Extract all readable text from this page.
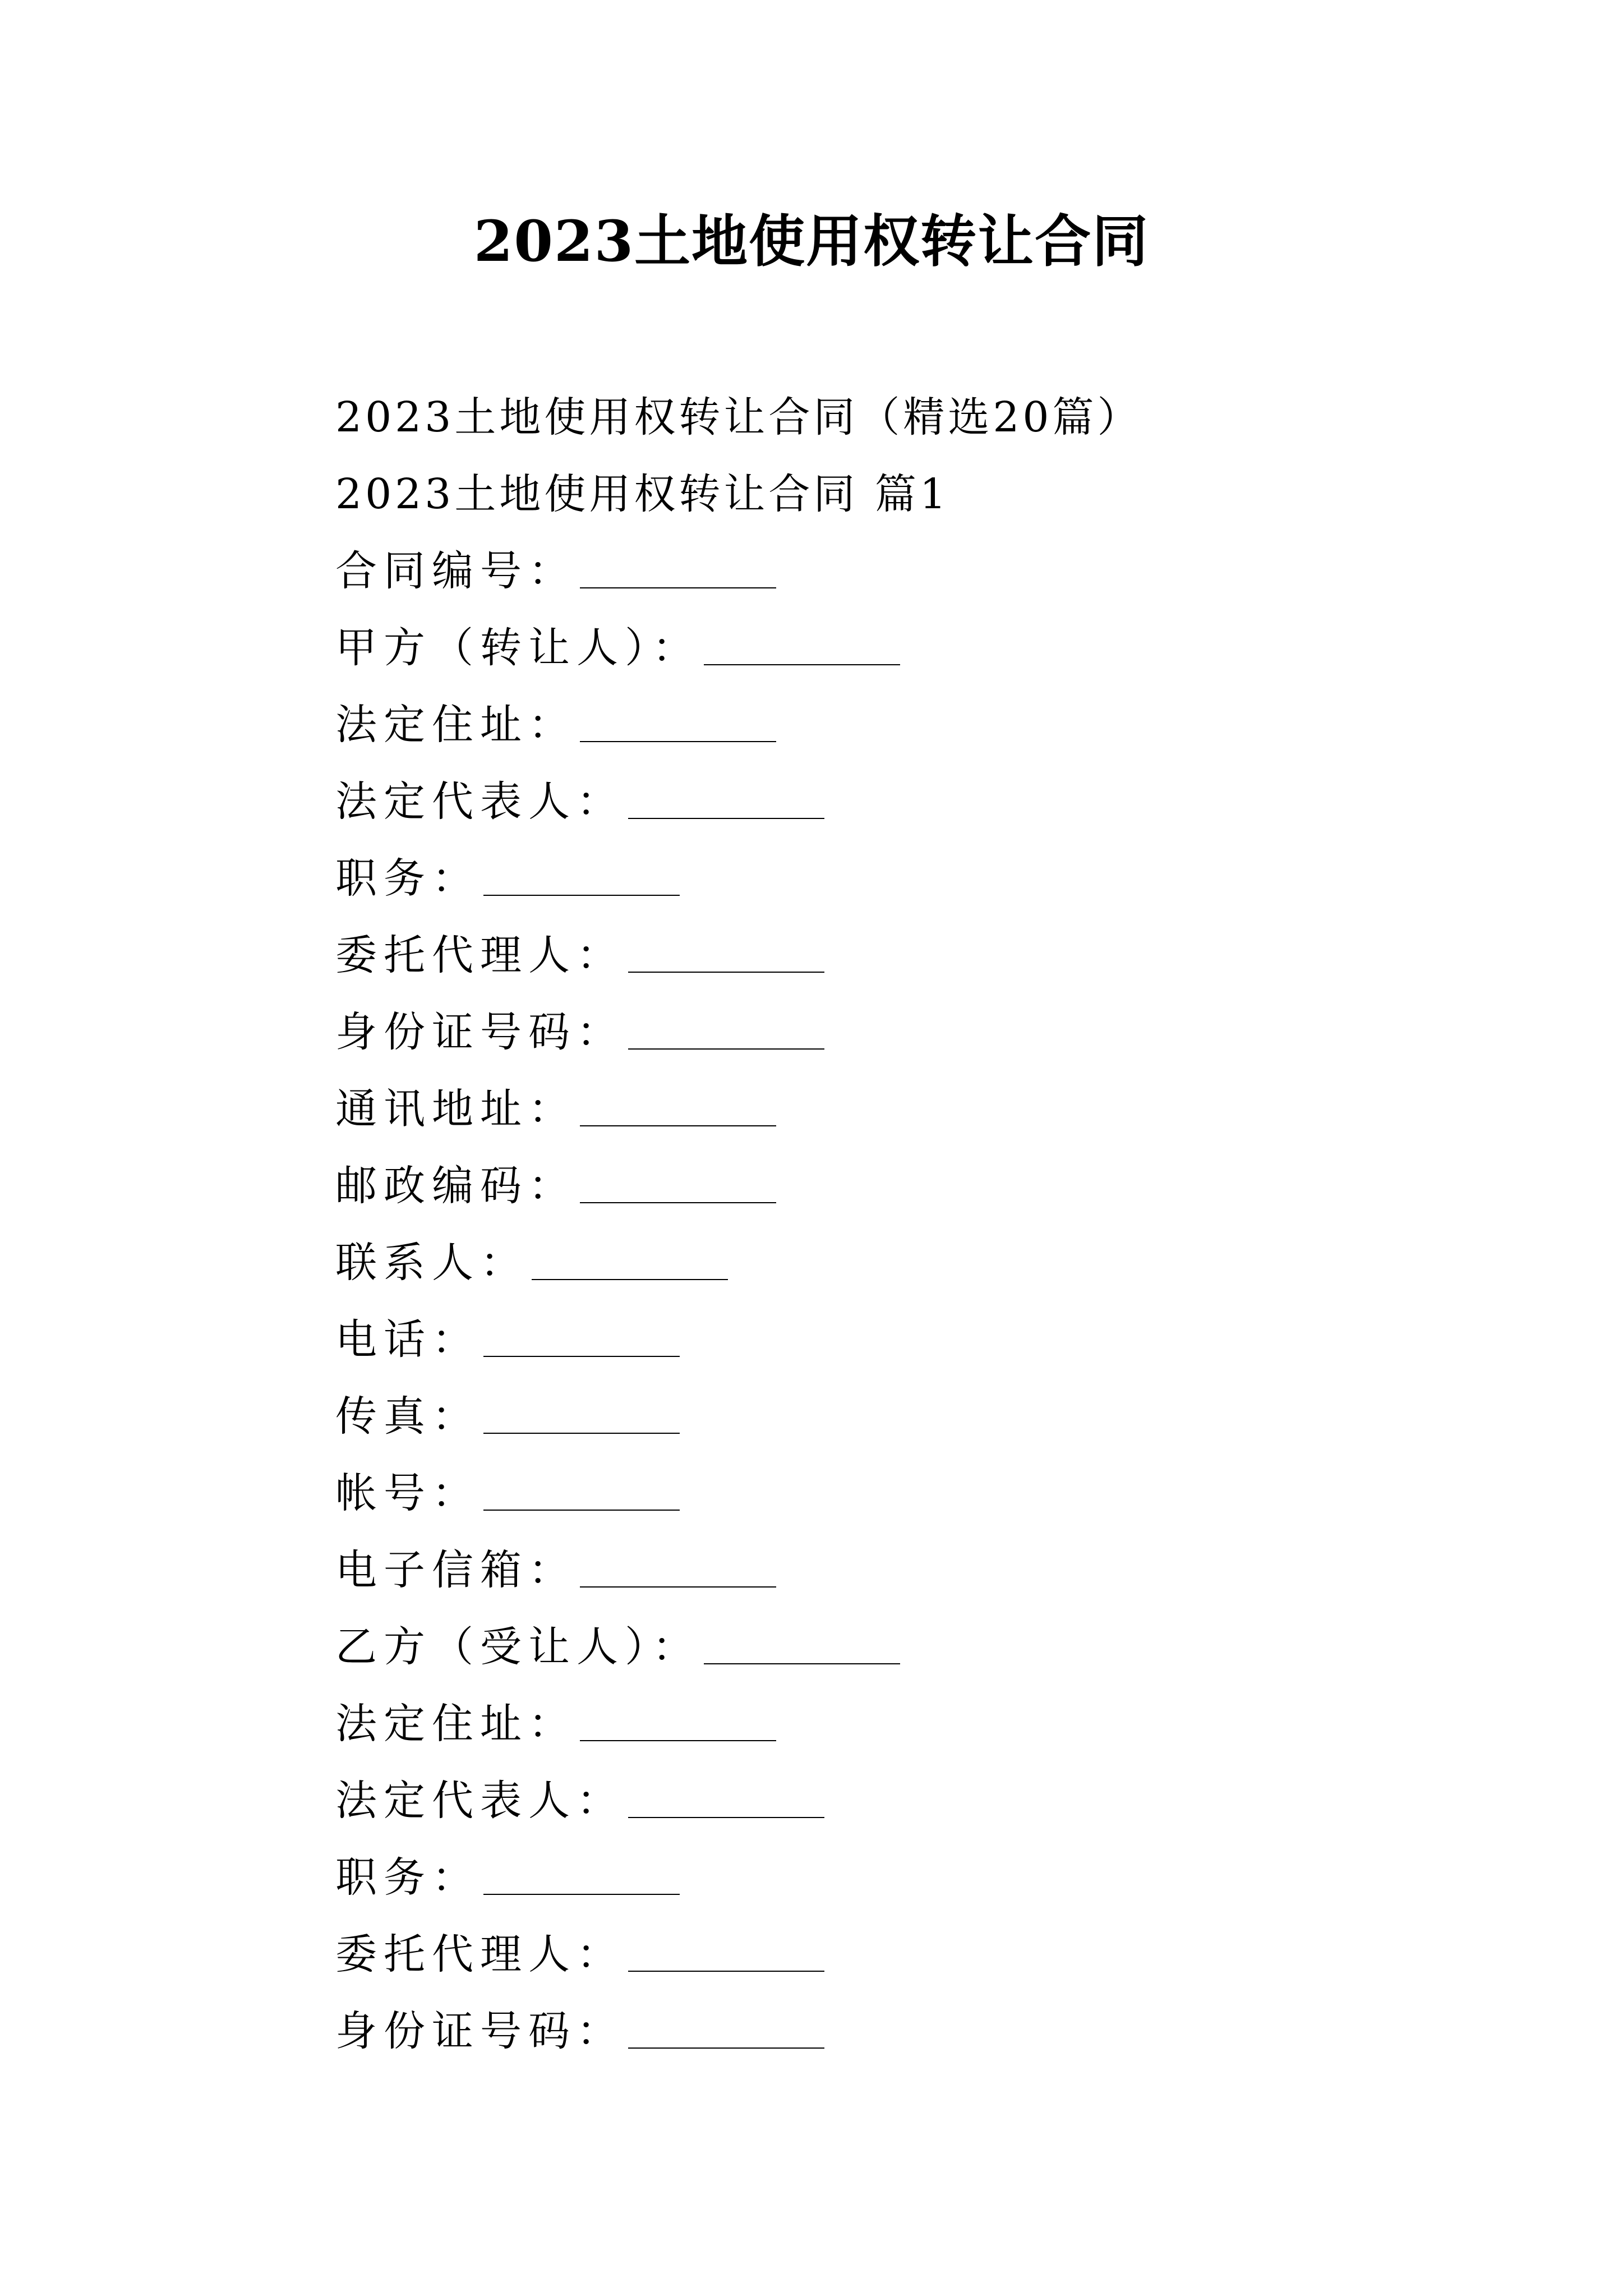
2023土地使用权转让合同
2023土地使用权转让合同（精选20篇）
2023土地使用权转让合同 篇1
合同编号：
甲方（转让人）：
法定住址：
法定代表人：
职务：
委托代理人：
身份证号码：
通讯地址：
邮政编码：
联系人：
电话：
传真：
帐号：
电子信箱：
乙方（受让人）：
法定住址：
法定代表人：
职务：
委托代理人：
身份证号码：
